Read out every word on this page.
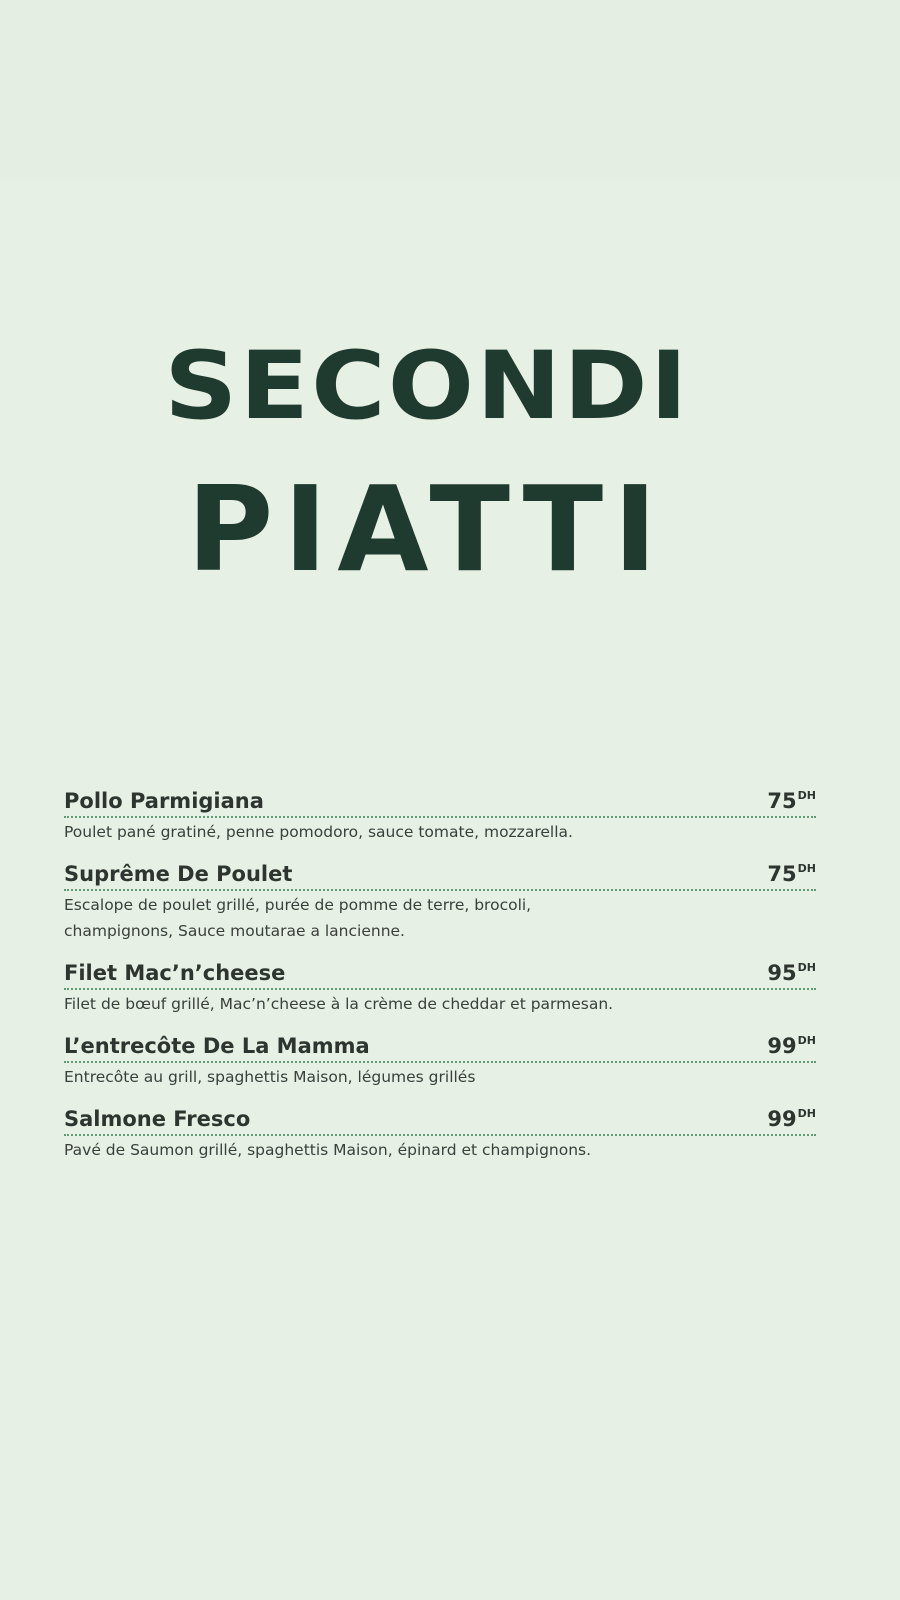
SECONDI
PIATTI
Pollo Parmigiana	$75^{DH}$
Poulet pané gratiné, penne pomodoro, sauce tomate, mozzarella.
Suprême De Poulet	$75^{DH}$
Escalope de poulet grillé, purée de pomme de terre, brocoli,
champignons, Sauce moutarae a lancienne.
Filet Mac’n’cheese	$95^{DH}$
Filet de bœuf grillé, Mac’n’cheese à la crème de cheddar et parmesan.
L’entrecôte De La Mamma	$99^{DH}$
Entrecôte au grill, spaghettis Maison, légumes grillés
Salmone Fresco	$99^{DH}$
Pavé de Saumon grillé, spaghettis Maison, épinard et champignons.
